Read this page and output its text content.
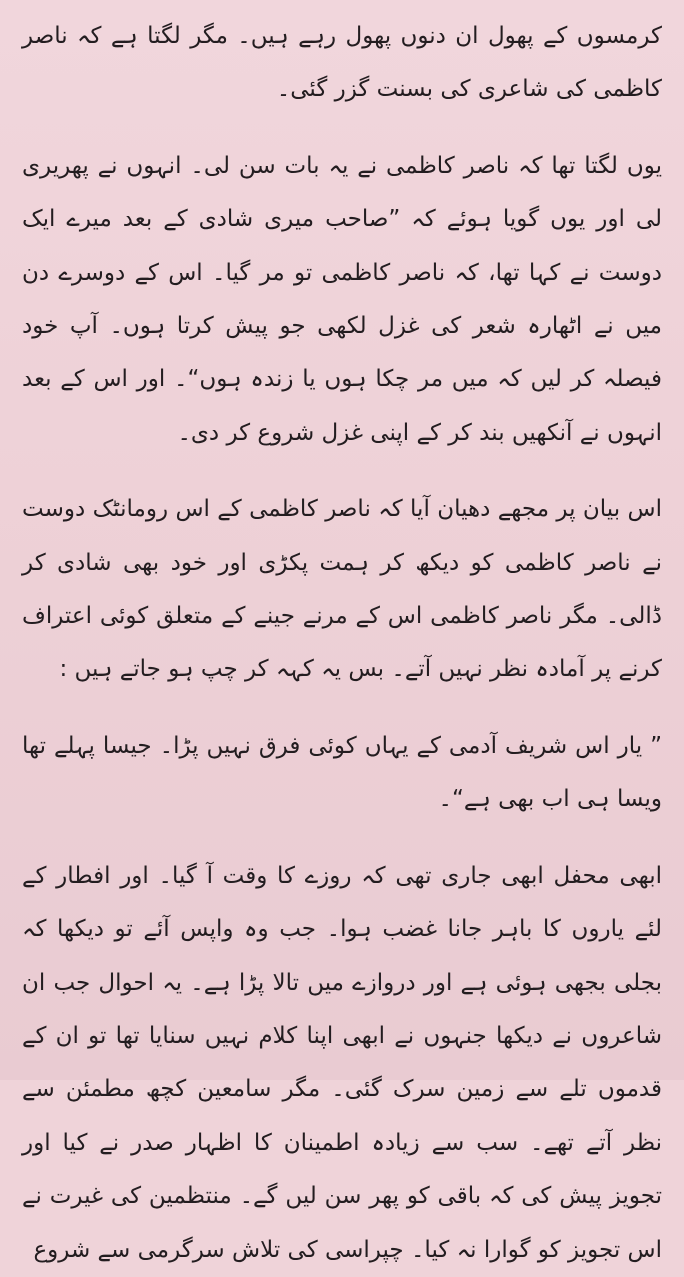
کرمسوں کے پھول ان دنوں پھول رہے ہیں۔ مگر لگتا ہے کہ ناصر کاظمی کی شاعری کی بسنت گزر گئی۔

یوں لگتا تھا کہ ناصر کاظمی نے یہ بات سن لی۔ انہوں نے پھریری لی اور یوں گویا ہوئے کہ ”صاحب میری شادی کے بعد میرے ایک دوست نے کہا تھا، کہ ناصر کاظمی تو مر گیا۔ اس کے دوسرے دن میں نے اٹھارہ شعر کی غزل لکھی جو پیش کرتا ہوں۔ آپ خود فیصلہ کر لیں کہ میں مر چکا ہوں یا زندہ ہوں“۔ اور اس کے بعد انہوں نے آنکھیں بند کر کے اپنی غزل شروع کر دی۔

اس بیان پر مجھے دھیان آیا کہ ناصر کاظمی کے اس رومانٹک دوست نے ناصر کاظمی کو دیکھ کر ہمت پکڑی اور خود بھی شادی کر ڈالی۔ مگر ناصر کاظمی اس کے مرنے جینے کے متعلق کوئی اعتراف کرنے پر آمادہ نظر نہیں آتے۔ بس یہ کہہ کر چپ ہو جاتے ہیں :

” یار اس شریف آدمی کے یہاں کوئی فرق نہیں پڑا۔ جیسا پہلے تھا ویسا ہی اب بھی ہے“۔

ابھی محفل ابھی جاری تھی کہ روزے کا وقت آ گیا۔ اور افطار کے لئے یاروں کا باہر جانا غضب ہوا۔ جب وہ واپس آئے تو دیکھا کہ بجلی بجھی ہوئی ہے اور دروازے میں تالا پڑا ہے۔ یہ احوال جب ان شاعروں نے دیکھا جنہوں نے ابھی اپنا کلام نہیں سنایا تھا تو ان کے قدموں تلے سے زمین سرک گئی۔ مگر سامعین کچھ مطمئن سے نظر آتے تھے۔ سب سے زیادہ اطمینان کا اظہار صدر نے کیا اور تجویز پیش کی کہ باقی کو پھر سن لیں گے۔ منتظمین کی غیرت نے اس تجویز کو گوارا نہ کیا۔ چپراسی کی تلاش سرگرمی سے شروع
